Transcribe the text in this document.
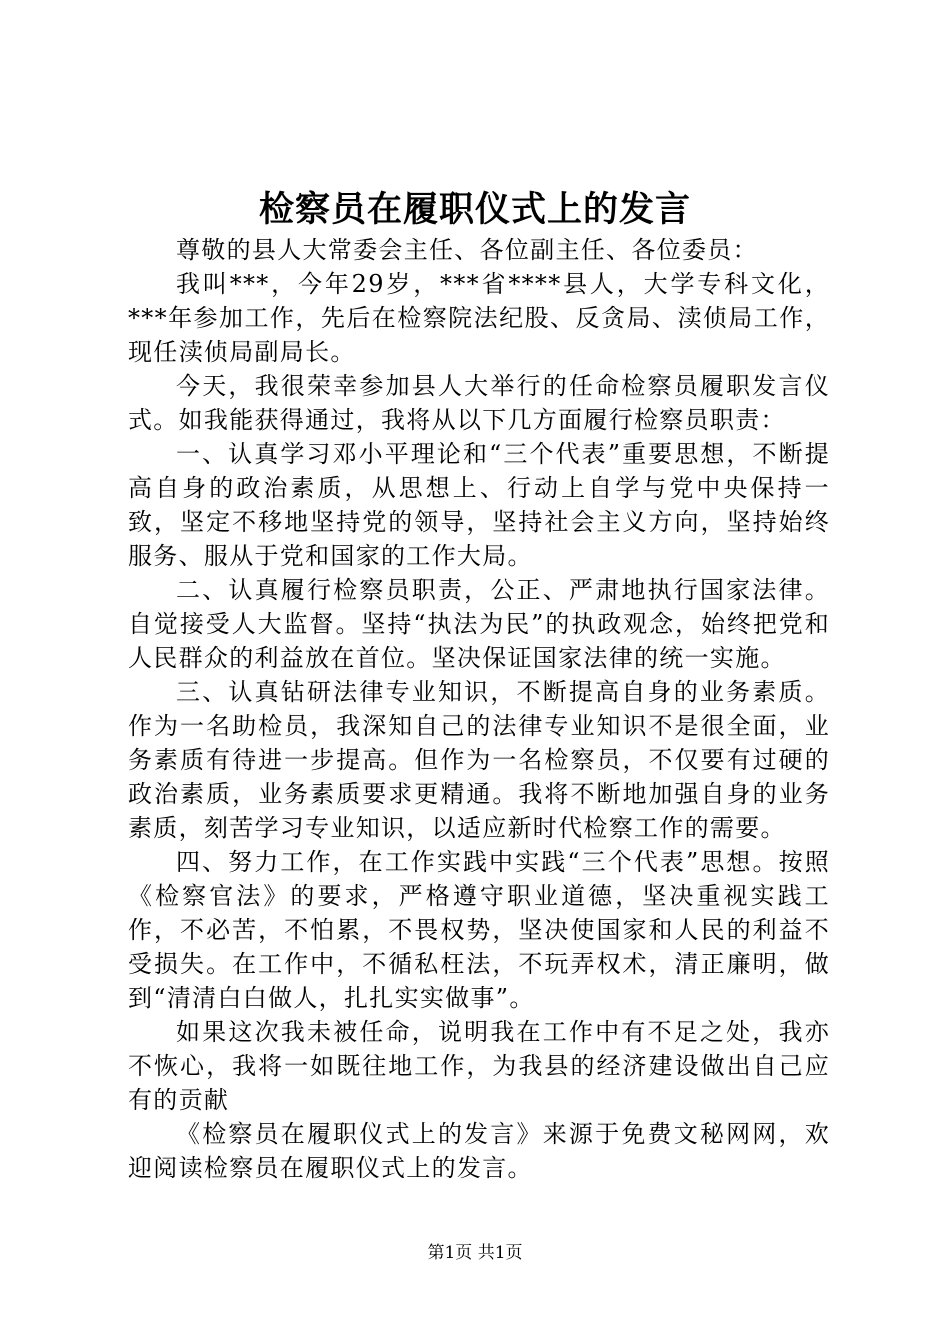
检察员在履职仪式上的发言

尊敬的县人大常委会主任、各位副主任、各位委员：

我叫***，今年29岁，***省****县人，大学专科文化，***年参加工作，先后在检察院法纪股、反贪局、渎侦局工作，现任渎侦局副局长。

今天，我很荣幸参加县人大举行的任命检察员履职发言仪式。如我能获得通过，我将从以下几方面履行检察员职责：

一、认真学习邓小平理论和“三个代表”重要思想，不断提高自身的政治素质，从思想上、行动上自学与党中央保持一致，坚定不移地坚持党的领导，坚持社会主义方向，坚持始终服务、服从于党和国家的工作大局。

二、认真履行检察员职责，公正、严肃地执行国家法律。自觉接受人大监督。坚持“执法为民”的执政观念，始终把党和人民群众的利益放在首位。坚决保证国家法律的统一实施。

三、认真钻研法律专业知识，不断提高自身的业务素质。作为一名助检员，我深知自己的法律专业知识不是很全面，业务素质有待进一步提高。但作为一名检察员，不仅要有过硬的政治素质，业务素质要求更精通。我将不断地加强自身的业务素质，刻苦学习专业知识，以适应新时代检察工作的需要。

四、努力工作，在工作实践中实践“三个代表”思想。按照《检察官法》的要求，严格遵守职业道德，坚决重视实践工作，不必苦，不怕累，不畏权势，坚决使国家和人民的利益不受损失。在工作中，不循私枉法，不玩弄权术，清正廉明，做到“清清白白做人，扎扎实实做事”。

如果这次我未被任命，说明我在工作中有不足之处，我亦不恢心，我将一如既往地工作，为我县的经济建设做出自己应有的贡献

《检察员在履职仪式上的发言》来源于免费文秘网网，欢迎阅读检察员在履职仪式上的发言。

第1页 共1页
